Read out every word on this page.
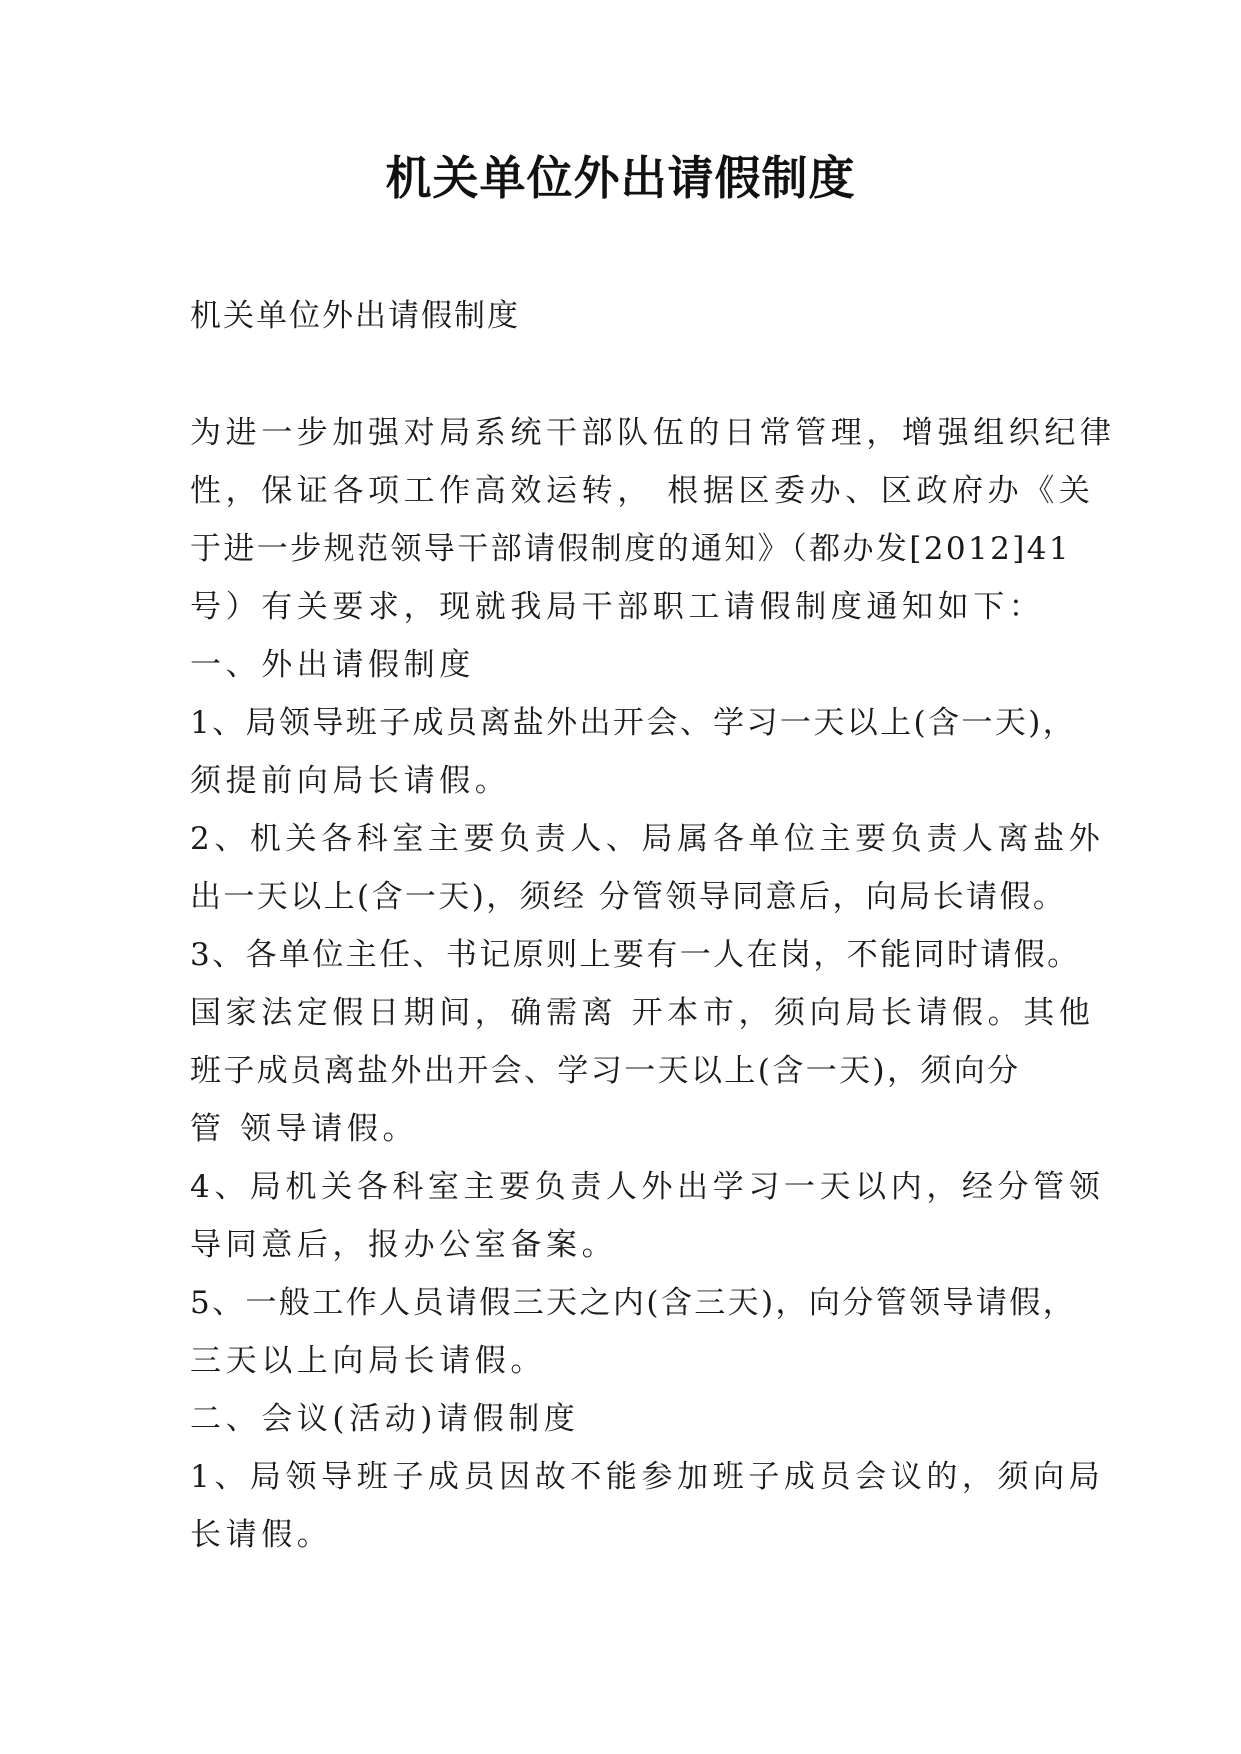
机关单位外出请假制度

机关单位外出请假制度

为进一步加强对局系统干部队伍的日常管理，增强组织纪律
性，保证各项工作高效运转， 根据区委办、区政府办《关
于进一步规范领导干部请假制度的通知》（都办发[2012]41
号）有关要求，现就我局干部职工请假制度通知如下：
一、外出请假制度
1、局领导班子成员离盐外出开会、学习一天以上(含一天)，
须提前向局长请假。
2、机关各科室主要负责人、局属各单位主要负责人离盐外
出一天以上(含一天)，须经 分管领导同意后，向局长请假。
3、各单位主任、书记原则上要有一人在岗，不能同时请假。
国家法定假日期间，确需离 开本市，须向局长请假。其他
班子成员离盐外出开会、学习一天以上(含一天)，须向分
管 领导请假。
4、局机关各科室主要负责人外出学习一天以内，经分管领
导同意后，报办公室备案。
5、一般工作人员请假三天之内(含三天)，向分管领导请假，
三天以上向局长请假。
二、会议(活动)请假制度
1、局领导班子成员因故不能参加班子成员会议的，须向局
长请假。
